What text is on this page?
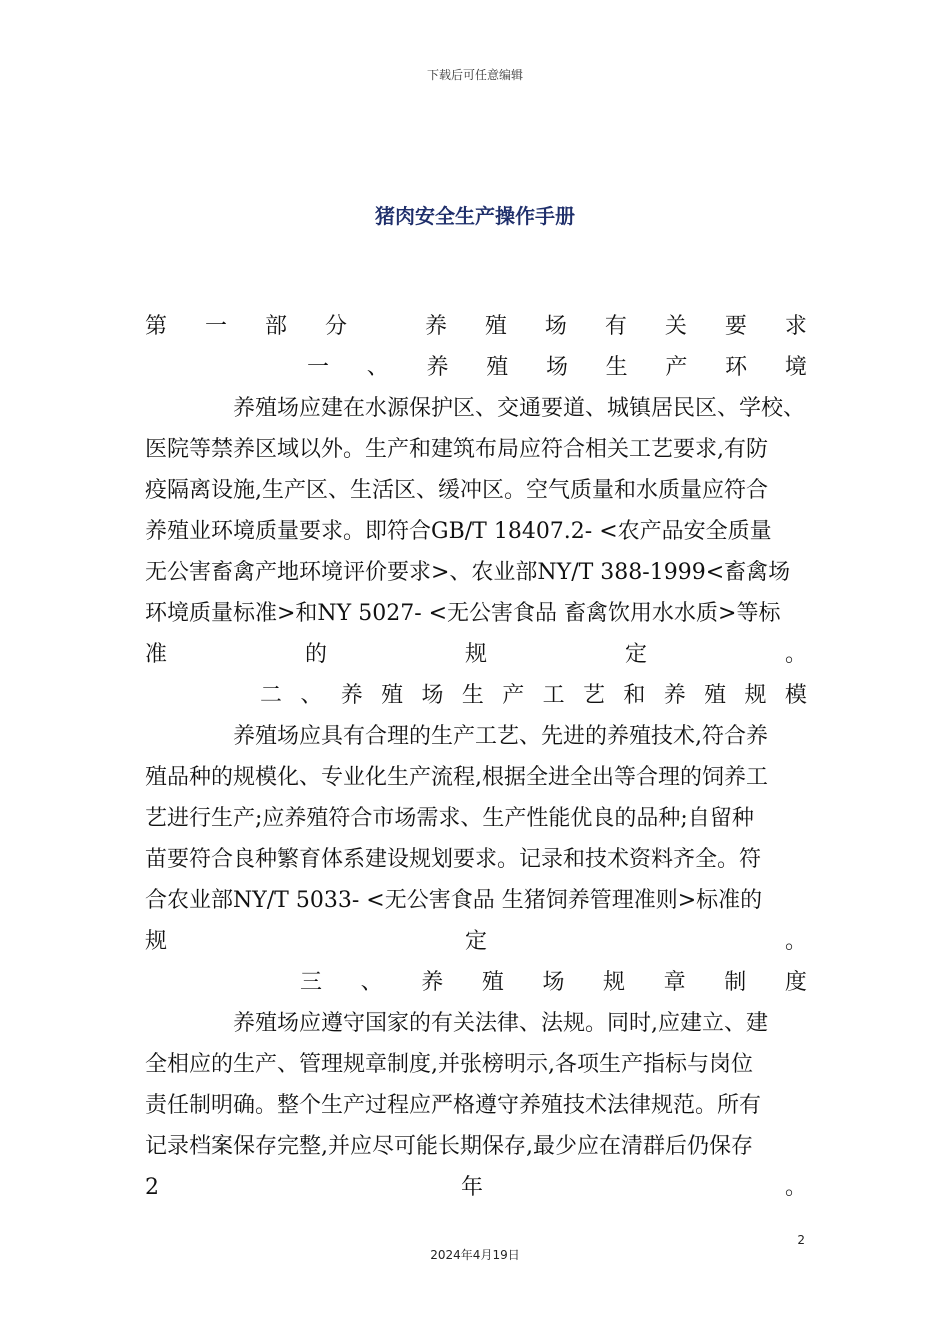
下载后可任意编辑
猪肉安全生产操作手册
第 一 部 分	养 殖 场 有 关 要 求
一 、 养 殖 场 生 产 环 境
　　　　养殖场应建在水源保护区、交通要道、城镇居民区、学校、
医院等禁养区域以外。生产和建筑布局应符合相关工艺要求,有防
疫隔离设施,生产区、生活区、缓冲区。空气质量和水质量应符合
养殖业环境质量要求。即符合GB/T 18407.2- <农产品安全质量
无公害畜禽产地环境评价要求>、农业部NY/T 388-1999<畜禽场
环境质量标准>和NY 5027- <无公害食品 畜禽饮用水水质>等标
准	的	规	定	。
二 、 养 殖 场 生 产 工 艺 和 养 殖 规 模
　　　　养殖场应具有合理的生产工艺、先进的养殖技术,符合养
殖品种的规模化、专业化生产流程,根据全进全出等合理的饲养工
艺进行生产;应养殖符合市场需求、生产性能优良的品种;自留种
苗要符合良种繁育体系建设规划要求。记录和技术资料齐全。符
合农业部NY/T 5033- <无公害食品 生猪饲养管理准则>标准的
规	定	。
三 、 养 殖 场 规 章 制 度
　　　　养殖场应遵守国家的有关法律、法规。同时,应建立、建
全相应的生产、管理规章制度,并张榜明示,各项生产指标与岗位
责任制明确。整个生产过程应严格遵守养殖技术法律规范。所有
记录档案保存完整,并应尽可能长期保存,最少应在清群后仍保存
2	年	。
2
2024年4月19日
